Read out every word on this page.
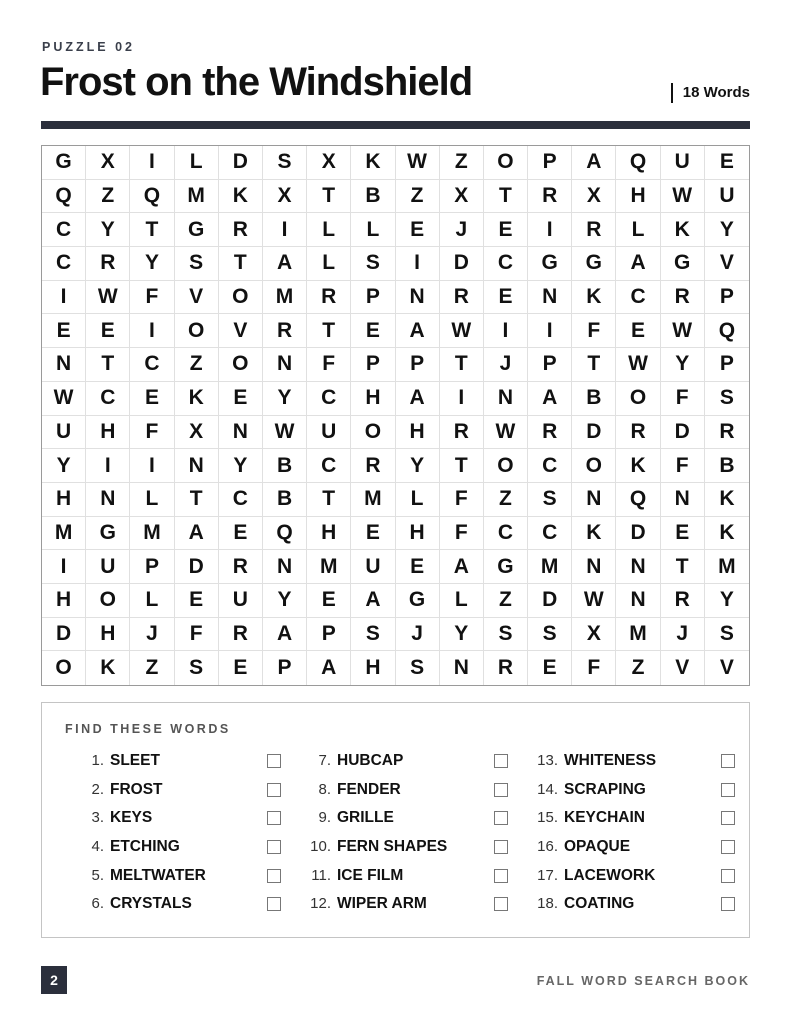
PUZZLE 02
Frost on the Windshield	18 Words
G	X	I	L	D	S	X	K	W	Z	O	P	A	Q	U	E
Q	Z	Q	M	K	X	T	B	Z	X	T	R	X	H	W	U
C	Y	T	G	R	I	L	L	E	J	E	I	R	L	K	Y
C	R	Y	S	T	A	L	S	I	D	C	G	G	A	G	V
I	W	F	V	O	M	R	P	N	R	E	N	K	C	R	P
E	E	I	O	V	R	T	E	A	W	I	I	F	E	W	Q
N	T	C	Z	O	N	F	P	P	T	J	P	T	W	Y	P
W	C	E	K	E	Y	C	H	A	I	N	A	B	O	F	S
U	H	F	X	N	W	U	O	H	R	W	R	D	R	D	R
Y	I	I	N	Y	B	C	R	Y	T	O	C	O	K	F	B
H	N	L	T	C	B	T	M	L	F	Z	S	N	Q	N	K
M	G	M	A	E	Q	H	E	H	F	C	C	K	D	E	K
I	U	P	D	R	N	M	U	E	A	G	M	N	N	T	M
H	O	L	E	U	Y	E	A	G	L	Z	D	W	N	R	Y
D	H	J	F	R	A	P	S	J	Y	S	S	X	M	J	S
O	K	Z	S	E	P	A	H	S	N	R	E	F	Z	V	V
FIND THESE WORDS
1. SLEET
2. FROST
3. KEYS
4. ETCHING
5. MELTWATER
6. CRYSTALS
7. HUBCAP
8. FENDER
9. GRILLE
10. FERN SHAPES
11. ICE FILM
12. WIPER ARM
13. WHITENESS
14. SCRAPING
15. KEYCHAIN
16. OPAQUE
17. LACEWORK
18. COATING
2	FALL WORD SEARCH BOOK
